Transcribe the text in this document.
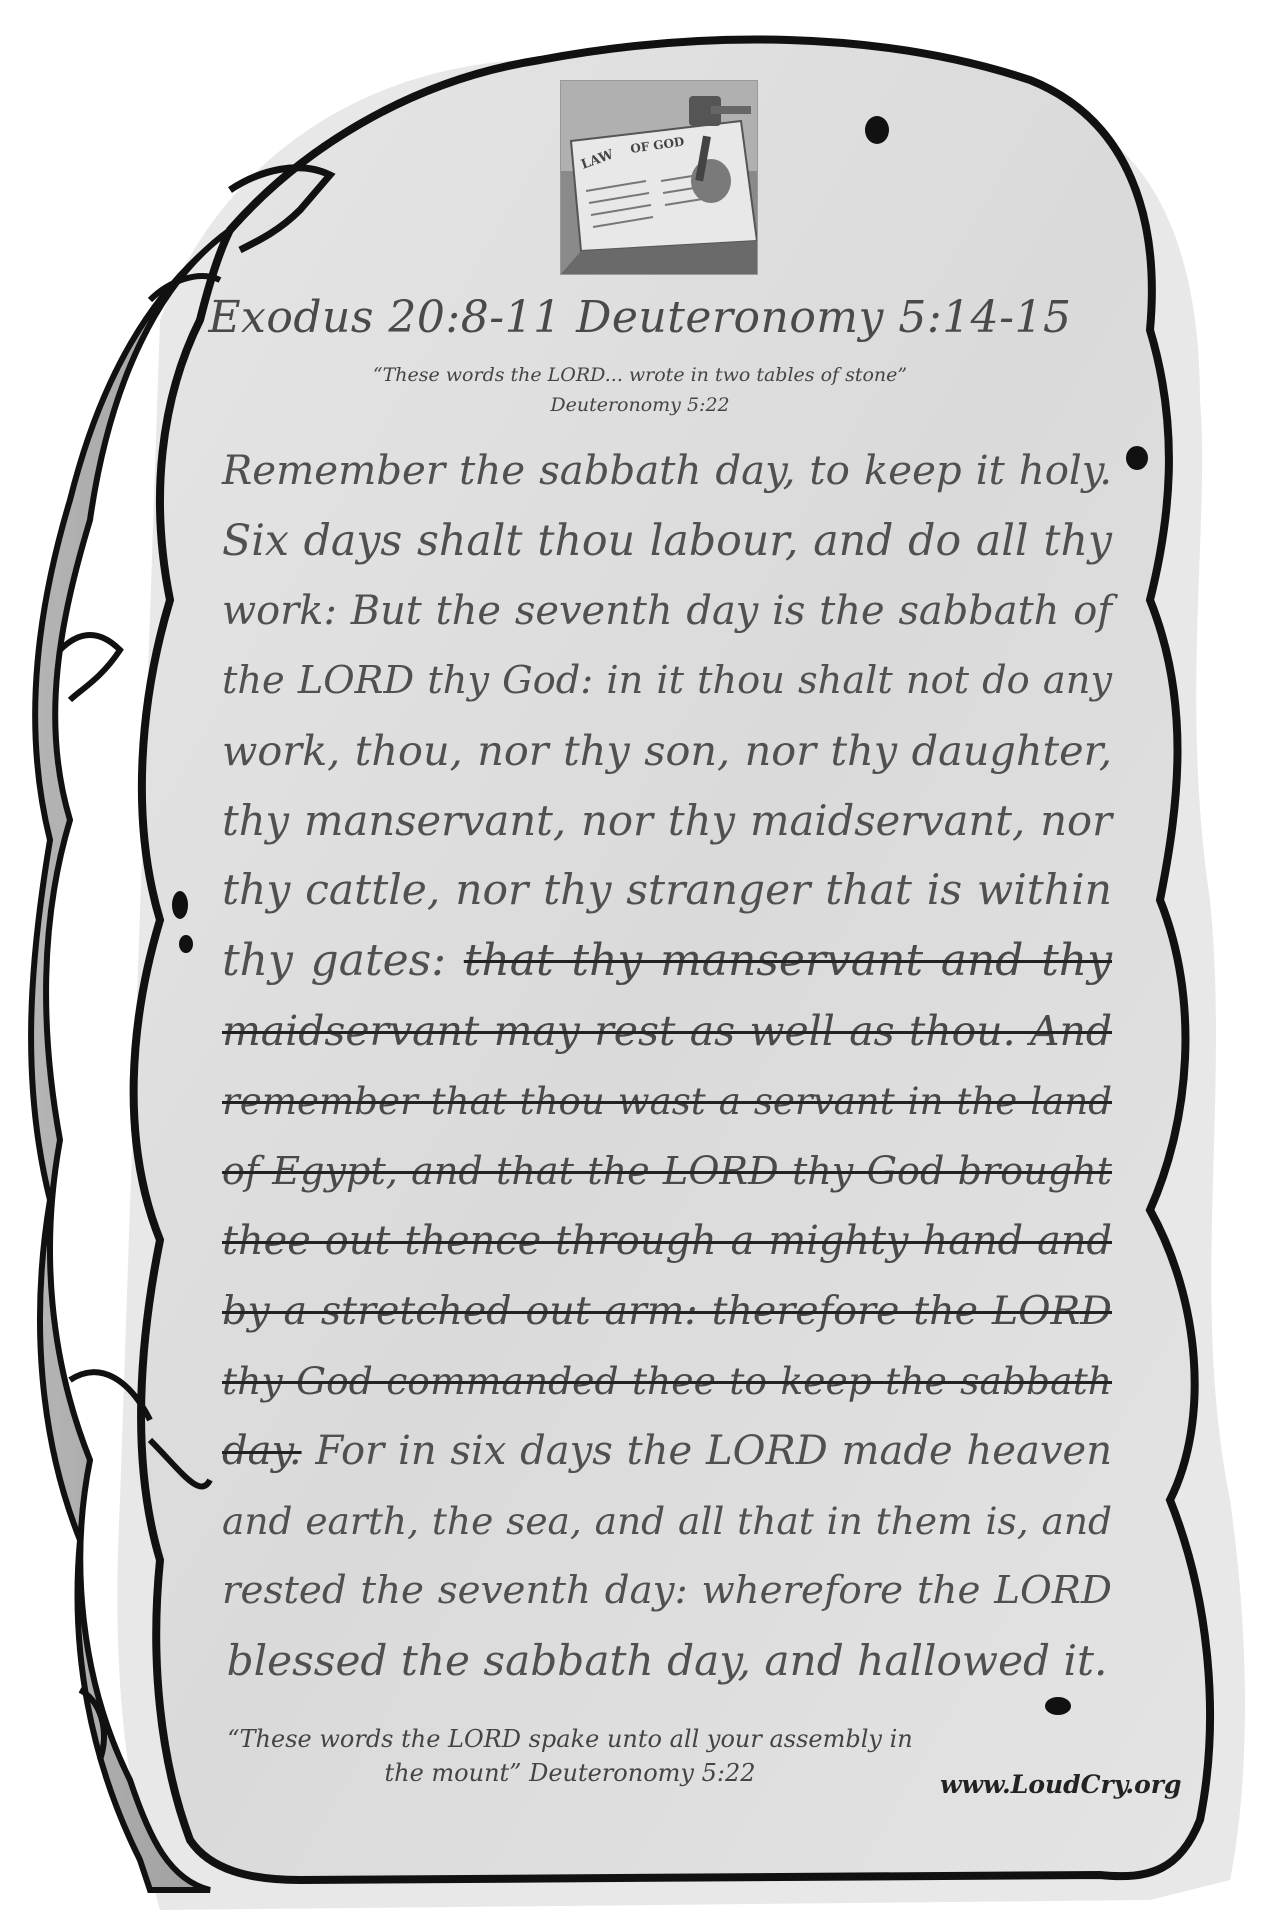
LAW
OF GOD
Exodus 20:8-11 Deuteronomy 5:14-15
“These words the LORD... wrote in two tables of stone”
Deuteronomy 5:22
Remember the sabbath day, to keep it holy.
Six days shalt thou labour, and do all thy
work: But the seventh day is the sabbath of
the LORD thy God: in it thou shalt not do any
work, thou, nor thy son, nor thy daughter,
thy manservant, nor thy maidservant, nor
thy cattle, nor thy stranger that is within
thy gates: that thy manservant and thy
maidservant may rest as well as thou. And
remember that thou wast a servant in the land
of Egypt, and that the LORD thy God brought
thee out thence through a mighty hand and
by a stretched out arm: therefore the LORD
thy God commanded thee to keep the sabbath
day. For in six days the LORD made heaven
and earth, the sea, and all that in them is, and
rested the seventh day: wherefore the LORD
blessed the sabbath day, and hallowed it.
“These words the LORD spake unto all your assembly in
the mount” Deuteronomy 5:22	www.LoudCry.org
